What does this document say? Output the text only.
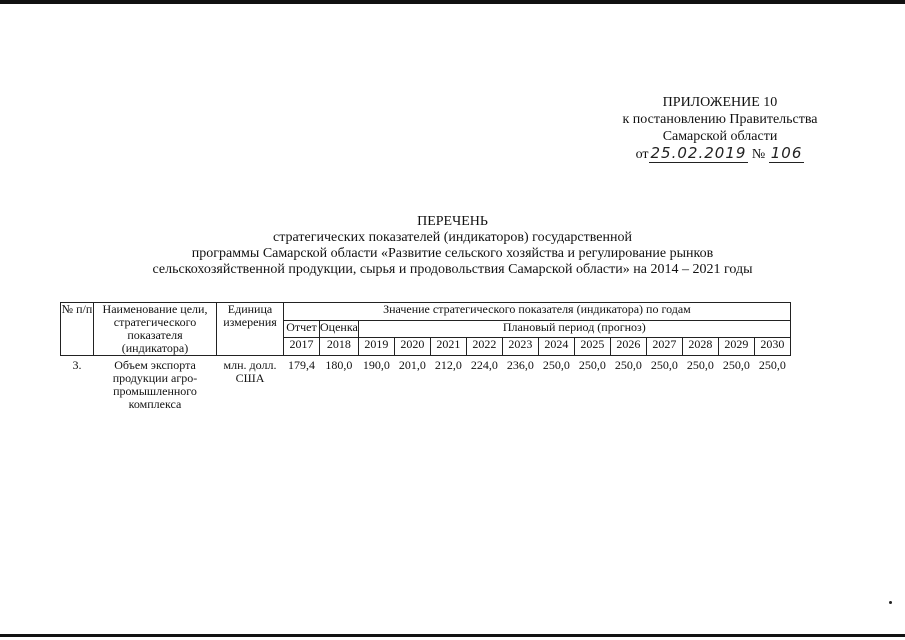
ПРИЛОЖЕНИЕ 10
к постановлению Правительства
Самарской области
от 25.02.2019 № 106
ПЕРЕЧЕНЬ
стратегических показателей (индикаторов) государственной
программы Самарской области «Развитие сельского хозяйства и регулирование рынков
сельскохозяйственной продукции, сырья и продовольствия Самарской области» на 2014 – 2021 годы
№ п/п	Наименование цели, стратегического показателя (индикатора)	Единица измерения	Значение стратегического показателя (индикатора) по годам													
			Отчет	Оценка	Плановый период (прогноз)											
			2017	2018	2019	2020	2021	2022	2023	2024	2025	2026	2027	2028	2029	2030
3.	Объем экспорта продукции агро-промышленного комплекса	млн. долл. США	179,4	180,0	190,0	201,0	212,0	224,0	236,0	250,0	250,0	250,0	250,0	250,0	250,0	250,0
